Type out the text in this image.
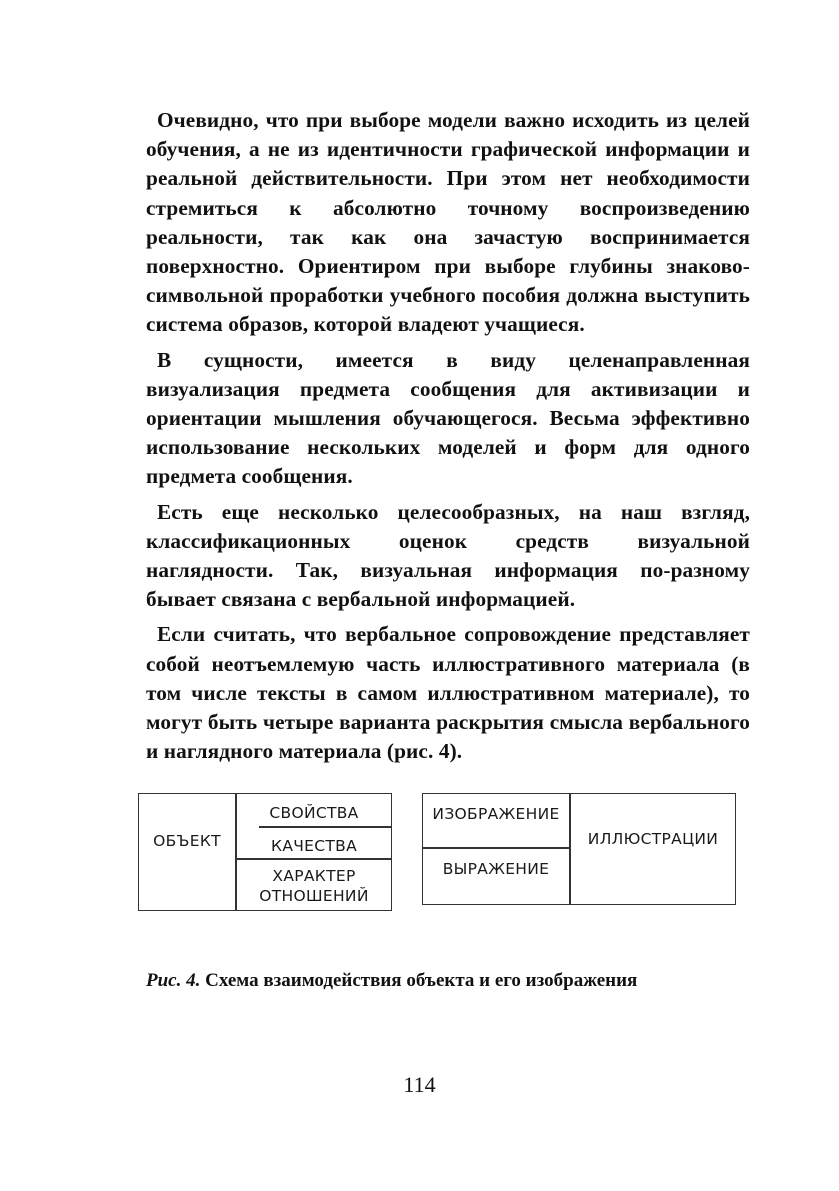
Очевидно, что при выборе модели важно исходить из целей обучения, а не из идентичности графической информации и реальной действительности. При этом нет необходимости стремиться к абсолютно точному воспроизведению реальности, так как она зачастую воспринимается поверхностно. Ориентиром при выборе глубины знаково-символьной проработки учебного пособия должна выступить система образов, которой владеют учащиеся.

В сущности, имеется в виду целенаправленная визуализация предмета сообщения для активизации и ориентации мышления обучающегося. Весьма эффективно использование нескольких моделей и форм для одного предмета сообщения.

Есть еще несколько целесообразных, на наш взгляд, классификационных оценок средств визуальной наглядности. Так, визуальная информация по-разному бывает связана с вербальной информацией.

Если считать, что вербальное сопровождение представляет собой неотъемлемую часть иллюстративного материала (в том числе тексты в самом иллюстративном материале), то могут быть четыре варианта раскрытия смысла вербального и наглядного материала (рис. 4).

ОБЪЕКТ
СВОЙСТВА
КАЧЕСТВА
ХАРАКТЕР
ОТНОШЕНИЙ
ИЗОБРАЖЕНИЕ
ВЫРАЖЕНИЕ
ИЛЛЮСТРАЦИИ
Рис. 4. Схема взаимодействия объекта и его изображения
114
